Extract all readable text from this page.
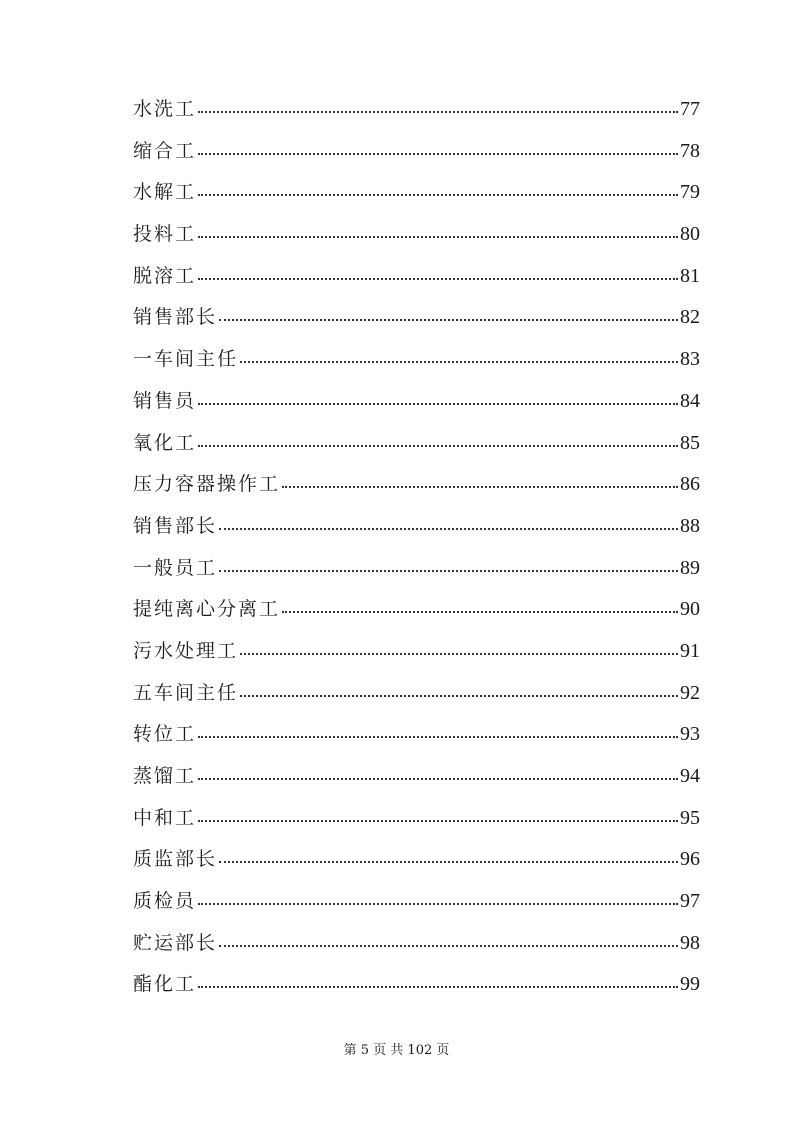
水洗工	77
缩合工	78
水解工	79
投料工	80
脱溶工	81
销售部长	82
一车间主任	83
销售员	84
氧化工	85
压力容器操作工	86
销售部长	88
一般员工	89
提纯离心分离工	90
污水处理工	91
五车间主任	92
转位工	93
蒸馏工	94
中和工	95
质监部长	96
质检员	97
贮运部长	98
酯化工	99
第 5 页 共 102 页
